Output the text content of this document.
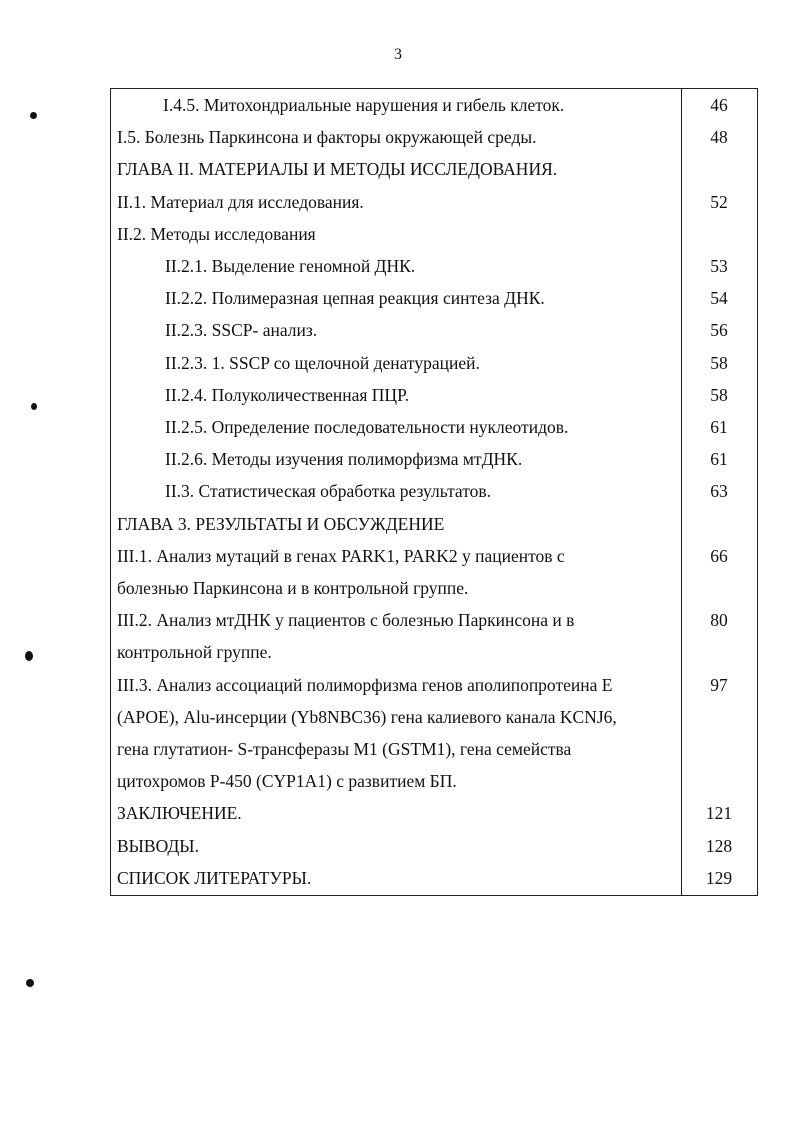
3
I.4.5. Митохондриальные нарушения и гибель клеток.	46
I.5. Болезнь Паркинсона и факторы окружающей среды.	48
ГЛАВА II. МАТЕРИАЛЫ И МЕТОДЫ ИССЛЕДОВАНИЯ.
II.1. Материал для исследования.	52
II.2. Методы исследования
II.2.1. Выделение геномной ДНК.	53
II.2.2. Полимеразная цепная реакция синтеза ДНК.	54
II.2.3. SSCP- анализ.	56
II.2.3. 1. SSCP со щелочной денатурацией.	58
II.2.4. Полуколичественная ПЦР.	58
II.2.5. Определение последовательности нуклеотидов.	61
II.2.6. Методы изучения полиморфизма мтДНК.	61
II.3. Статистическая обработка результатов.	63
ГЛАВА 3. РЕЗУЛЬТАТЫ И ОБСУЖДЕНИЕ
III.1. Анализ мутаций в генах PARK1, PARK2 у пациентов с	66
болезнью Паркинсона и в контрольной группе.
III.2. Анализ мтДНК у пациентов с болезнью Паркинсона и в	80
контрольной группе.
III.3. Анализ ассоциаций полиморфизма генов аполипопротеина Е	97
(АРОЕ), Alu-инсерции (Yb8NBC36) гена калиевого канала KCNJ6,
гена глутатион- S-трансферазы M1 (GSTM1), гена семейства
цитохромов Р-450 (CYP1A1) с развитием БП.
ЗАКЛЮЧЕНИЕ.	121
ВЫВОДЫ.	128
СПИСОК ЛИТЕРАТУРЫ.	129
